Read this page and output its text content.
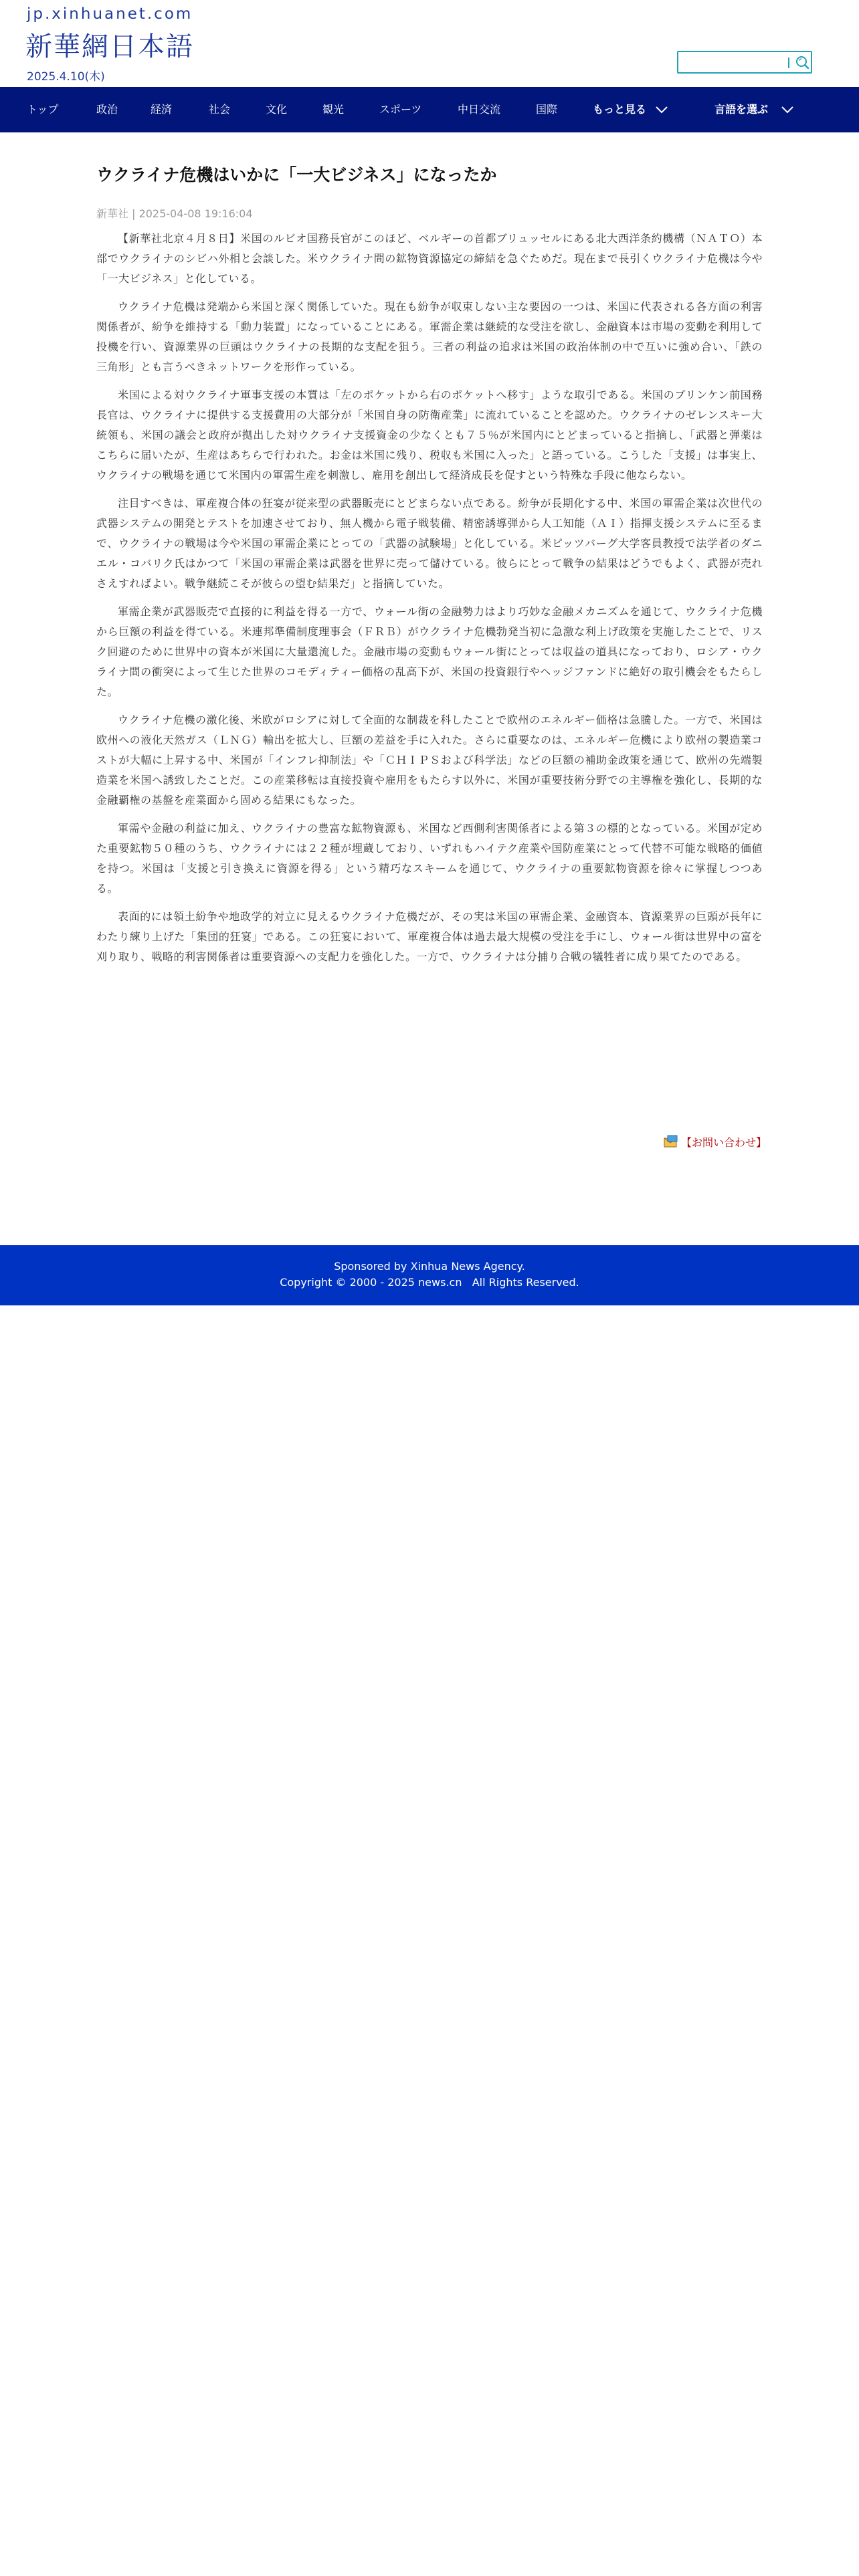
jp.xinhuanet.com
新華網日本語
2025.4.10(木)
トップ	政治	経済	社会	文化	観光	スポーツ	中日交流	国際	もっと見る	言語を選ぶ
ウクライナ危機はいかに「一大ビジネス」になったか
新華社 | 2025-04-08 19:16:04

【新華社北京４月８日】米国のルビオ国務長官がこのほど、ベルギーの首都ブリュッセルにある北大西洋条約機構（ＮＡＴＯ）本部でウクライナのシビハ外相と会談した。米ウクライナ間の鉱物資源協定の締結を急ぐためだ。現在まで長引くウクライナ危機は今や「一大ビジネス」と化している。

ウクライナ危機は発端から米国と深く関係していた。現在も紛争が収束しない主な要因の一つは、米国に代表される各方面の利害関係者が、紛争を維持する「動力装置」になっていることにある。軍需企業は継続的な受注を欲し、金融資本は市場の変動を利用して投機を行い、資源業界の巨頭はウクライナの長期的な支配を狙う。三者の利益の追求は米国の政治体制の中で互いに強め合い、「鉄の三角形」とも言うべきネットワークを形作っている。

米国による対ウクライナ軍事支援の本質は「左のポケットから右のポケットへ移す」ような取引である。米国のブリンケン前国務長官は、ウクライナに提供する支援費用の大部分が「米国自身の防衛産業」に流れていることを認めた。ウクライナのゼレンスキー大統領も、米国の議会と政府が拠出した対ウクライナ支援資金の少なくとも７５％が米国内にとどまっていると指摘し、「武器と弾薬はこちらに届いたが、生産はあちらで行われた。お金は米国に残り、税収も米国に入った」と語っている。こうした「支援」は事実上、ウクライナの戦場を通じて米国内の軍需生産を刺激し、雇用を創出して経済成長を促すという特殊な手段に他ならない。

注目すべきは、軍産複合体の狂宴が従来型の武器販売にとどまらない点である。紛争が長期化する中、米国の軍需企業は次世代の武器システムの開発とテストを加速させており、無人機から電子戦装備、精密誘導弾から人工知能（ＡＩ）指揮支援システムに至るまで、ウクライナの戦場は今や米国の軍需企業にとっての「武器の試験場」と化している。米ピッツバーグ大学客員教授で法学者のダニエル・コバリク氏はかつて「米国の軍需企業は武器を世界に売って儲けている。彼らにとって戦争の結果はどうでもよく、武器が売れさえすればよい。戦争継続こそが彼らの望む結果だ」と指摘していた。

軍需企業が武器販売で直接的に利益を得る一方で、ウォール街の金融勢力はより巧妙な金融メカニズムを通じて、ウクライナ危機から巨額の利益を得ている。米連邦準備制度理事会（ＦＲＢ）がウクライナ危機勃発当初に急激な利上げ政策を実施したことで、リスク回避のために世界中の資本が米国に大量還流した。金融市場の変動もウォール街にとっては収益の道具になっており、ロシア・ウクライナ間の衝突によって生じた世界のコモディティー価格の乱高下が、米国の投資銀行やヘッジファンドに絶好の取引機会をもたらした。

ウクライナ危機の激化後、米欧がロシアに対して全面的な制裁を科したことで欧州のエネルギー価格は急騰した。一方で、米国は欧州への液化天然ガス（ＬＮＧ）輸出を拡大し、巨額の差益を手に入れた。さらに重要なのは、エネルギー危機により欧州の製造業コストが大幅に上昇する中、米国が「インフレ抑制法」や「ＣＨＩＰＳおよび科学法」などの巨額の補助金政策を通じて、欧州の先端製造業を米国へ誘致したことだ。この産業移転は直接投資や雇用をもたらす以外に、米国が重要技術分野での主導権を強化し、長期的な金融覇権の基盤を産業面から固める結果にもなった。

軍需や金融の利益に加え、ウクライナの豊富な鉱物資源も、米国など西側利害関係者による第３の標的となっている。米国が定めた重要鉱物５０種のうち、ウクライナには２２種が埋蔵しており、いずれもハイテク産業や国防産業にとって代替不可能な戦略的価値を持つ。米国は「支援と引き換えに資源を得る」という精巧なスキームを通じて、ウクライナの重要鉱物資源を徐々に掌握しつつある。

表面的には領土紛争や地政学的対立に見えるウクライナ危機だが、その実は米国の軍需企業、金融資本、資源業界の巨頭が長年にわたり練り上げた「集団的狂宴」である。この狂宴において、軍産複合体は過去最大規模の受注を手にし、ウォール街は世界中の富を刈り取り、戦略的利害関係者は重要資源への支配力を強化した。一方で、ウクライナは分捕り合戦の犠牲者に成り果てたのである。

【お問い合わせ】
Sponsored by Xinhua News Agency.
Copyright © 2000 - 2025 news.cn   All Rights Reserved.
